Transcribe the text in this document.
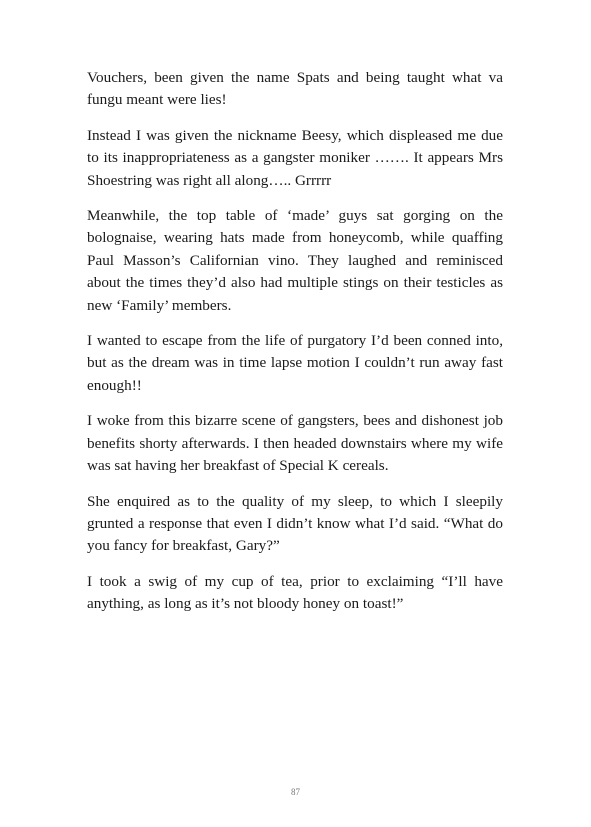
Vouchers, been given the name Spats and being taught what va fungu meant were lies!

Instead I was given the nickname Beesy, which displeased me due to its inappropriateness as a gangster moniker ……. It appears Mrs Shoestring was right all along….. Grrrrr

Meanwhile, the top table of ‘made’ guys sat gorging on the bolognaise, wearing hats made from honeycomb, while quaffing Paul Masson’s Californian vino. They laughed and reminisced about the times they’d also had multiple stings on their testicles as new ‘Family’ members.

I wanted to escape from the life of purgatory I’d been conned into, but as the dream was in time lapse motion I couldn’t run away fast enough!!

I woke from this bizarre scene of gangsters, bees and dishonest job benefits shorty afterwards. I then headed downstairs where my wife was sat having her breakfast of Special K cereals.

She enquired as to the quality of my sleep, to which I sleepily grunted a response that even I didn’t know what I’d said. “What do you fancy for breakfast, Gary?”

I took a swig of my cup of tea, prior to exclaiming “I’ll have anything, as long as it’s not bloody honey on toast!”

87
